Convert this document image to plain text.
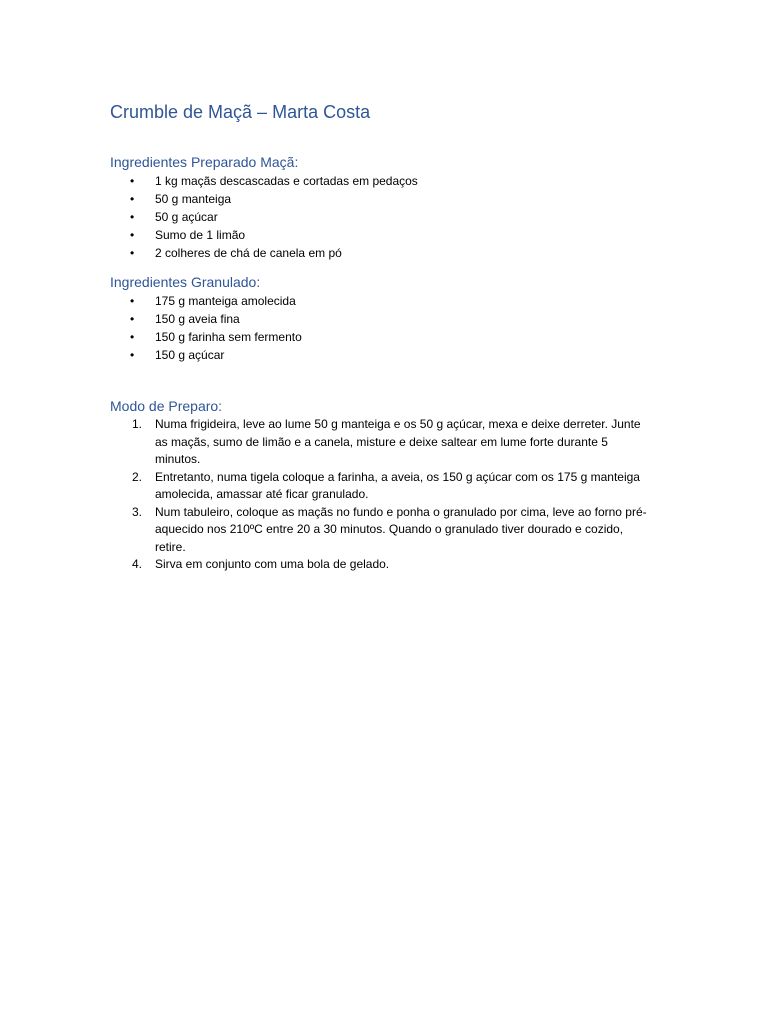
Crumble de Maçã – Marta Costa
Ingredientes Preparado Maçã:
• 1 kg maçãs descascadas e cortadas em pedaços
• 50 g manteiga
• 50 g açúcar
• Sumo de 1 limão
• 2 colheres de chá de canela em pó
Ingredientes Granulado:
• 175 g manteiga amolecida
• 150 g aveia fina
• 150 g farinha sem fermento
• 150 g açúcar
Modo de Preparo:
1. Numa frigideira, leve ao lume 50 g manteiga e os 50 g açúcar, mexa e deixe derreter. Junte as maçãs, sumo de limão e a canela, misture e deixe saltear em lume forte durante 5 minutos.
2. Entretanto, numa tigela coloque a farinha, a aveia, os 150 g açúcar com os 175 g manteiga amolecida, amassar até ficar granulado.
3. Num tabuleiro, coloque as maçãs no fundo e ponha o granulado por cima, leve ao forno pré-aquecido nos 210ºC entre 20 a 30 minutos. Quando o granulado tiver dourado e cozido, retire.
4. Sirva em conjunto com uma bola de gelado.
